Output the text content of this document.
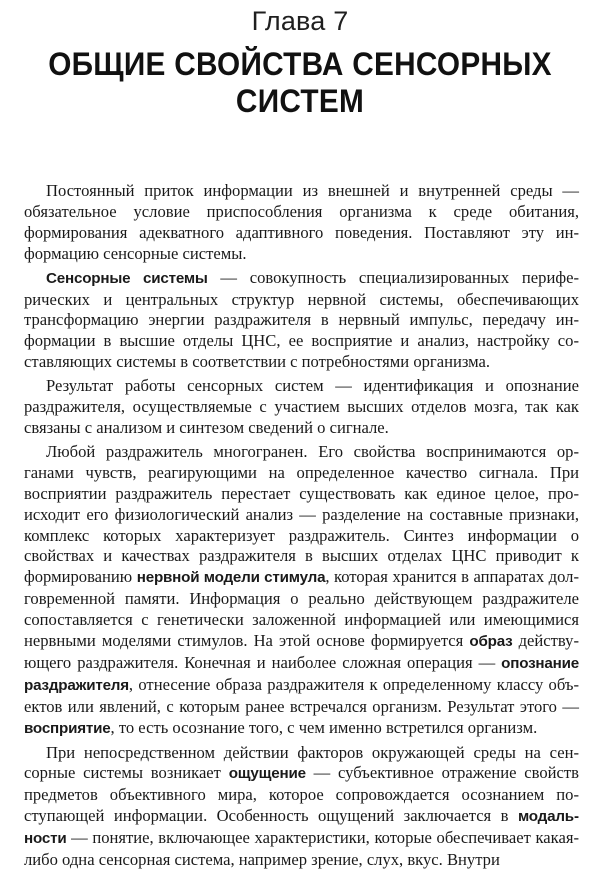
Глава 7
ОБЩИЕ СВОЙСТВА СЕНСОРНЫХ СИСТЕМ

Постоянный приток информации из внешней и внутренней среды — обязательное условие приспособления организма к среде обитания, формирования адекватного адаптивного поведения. Поставляют эту информацию сенсорные системы.

Сенсорные системы — совокупность специализированных периферических и центральных структур нервной системы, обеспечивающих трансформацию энергии раздражителя в нервный импульс, передачу информации в высшие отделы ЦНС, ее восприятие и анализ, настройку составляющих системы в соответствии с потребностями организма.

Результат работы сенсорных систем — идентификация и опознание раздражителя, осуществляемые с участием высших отделов мозга, так как связаны с анализом и синтезом сведений о сигнале.

Любой раздражитель многогранен. Его свойства воспринимаются органами чувств, реагирующими на определенное качество сигнала. При восприятии раздражитель перестает существовать как единое целое, происходит его физиологический анализ — разделение на составные признаки, комплекс которых характеризует раздражитель. Синтез информации о свойствах и качествах раздражителя в высших отделах ЦНС приводит к формированию нервной модели стимула, которая хранится в аппаратах долговременной памяти. Информация о реально действующем раздражителе сопоставляется с генетически заложенной информацией или имеющимися нервными моделями стимулов. На этой основе формируется образ действующего раздражителя. Конечная и наиболее сложная операция — опознание раздражителя, отнесение образа раздражителя к определенному классу объектов или явлений, с которым ранее встречался организм. Результат этого — восприятие, то есть осознание того, с чем именно встретился организм.

При непосредственном действии факторов окружающей среды на сенсорные системы возникает ощущение — субъективное отражение свойств предметов объективного мира, которое сопровождается осознанием поступающей информации. Особенность ощущений заключается в модальности — понятие, включающее характеристики, которые обеспечивает какая-либо одна сенсорная система, например зрение, слух, вкус. Внутри
